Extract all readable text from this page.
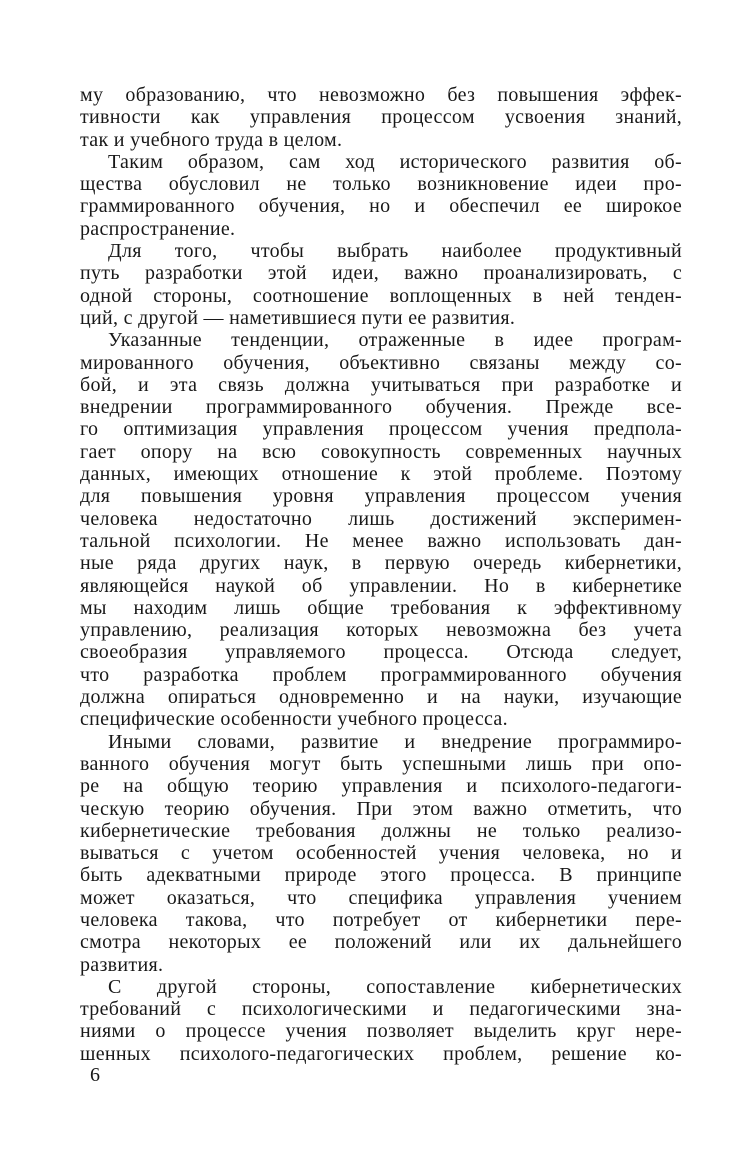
му образованию, что невозможно без повышения эффек-
тивности как управления процессом усвоения знаний,
так и учебного труда в целом.
Таким образом, сам ход исторического развития об-
щества обусловил не только возникновение идеи про-
граммированного обучения, но и обеспечил ее широкое
распространение.
Для того, чтобы выбрать наиболее продуктивный
путь разработки этой идеи, важно проанализировать, с
одной стороны, соотношение воплощенных в ней тенден-
ций, с другой — наметившиеся пути ее развития.
Указанные тенденции, отраженные в идее програм-
мированного обучения, объективно связаны между со-
бой, и эта связь должна учитываться при разработке и
внедрении программированного обучения. Прежде все-
го оптимизация управления процессом учения предпола-
гает опору на всю совокупность современных научных
данных, имеющих отношение к этой проблеме. Поэтому
для повышения уровня управления процессом учения
человека недостаточно лишь достижений эксперимен-
тальной психологии. Не менее важно использовать дан-
ные ряда других наук, в первую очередь кибернетики,
являющейся наукой об управлении. Но в кибернетике
мы находим лишь общие требования к эффективному
управлению, реализация которых невозможна без учета
своеобразия управляемого процесса. Отсюда следует,
что разработка проблем программированного обучения
должна опираться одновременно и на науки, изучающие
специфические особенности учебного процесса.
Иными словами, развитие и внедрение программиро-
ванного обучения могут быть успешными лишь при опо-
ре на общую теорию управления и психолого-педагоги-
ческую теорию обучения. При этом важно отметить, что
кибернетические требования должны не только реализо-
вываться с учетом особенностей учения человека, но и
быть адекватными природе этого процесса. В принципе
может оказаться, что специфика управления учением
человека такова, что потребует от кибернетики пере-
смотра некоторых ее положений или их дальнейшего
развития.
С другой стороны, сопоставление кибернетических
требований с психологическими и педагогическими зна-
ниями о процессе учения позволяет выделить круг нере-
шенных психолого-педагогических проблем, решение ко-
6
